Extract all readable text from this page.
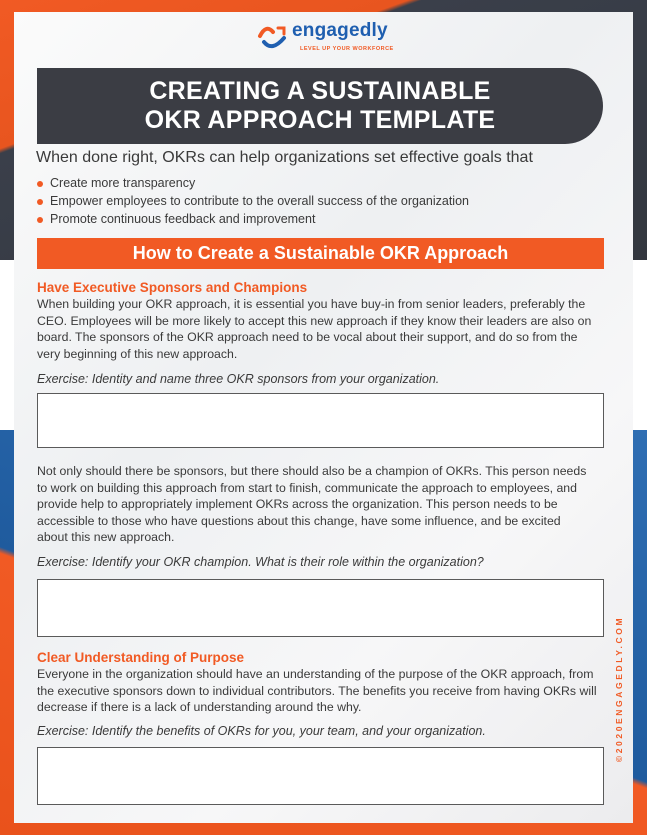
engagedly
LEVEL UP YOUR WORKFORCE
CREATING A SUSTAINABLE
OKR APPROACH TEMPLATE
When done right, OKRs can help organizations set effective goals that
Create more transparency
Empower employees to contribute to the overall success of the organization
Promote continuous feedback and improvement
How to Create a Sustainable OKR Approach
Have Executive Sponsors and Champions

When building your OKR approach, it is essential you have buy-in from senior leaders, preferably the CEO. Employees will be more likely to accept this new approach if they know their leaders are also on board. The sponsors of the OKR approach need to be vocal about their support, and do so from the very beginning of this new approach.

Exercise: Identity and name three OKR sponsors from your organization.

Not only should there be sponsors, but there should also be a champion of OKRs. This person needs to work on building this approach from start to finish, communicate the approach to employees, and provide help to appropriately implement OKRs across the organization. This person needs to be accessible to those who have questions about this change, have some influence, and be excited about this new approach.

Exercise: Identify your OKR champion. What is their role within the organization?
Clear Understanding of Purpose

Everyone in the organization should have an understanding of the purpose of the OKR approach, from the executive sponsors down to individual contributors. The benefits you receive from having OKRs will decrease if there is a lack of understanding around the why.

Exercise: Identify the benefits of OKRs for you, your team, and your organization.	©2020ENGAGEDLY.COM
